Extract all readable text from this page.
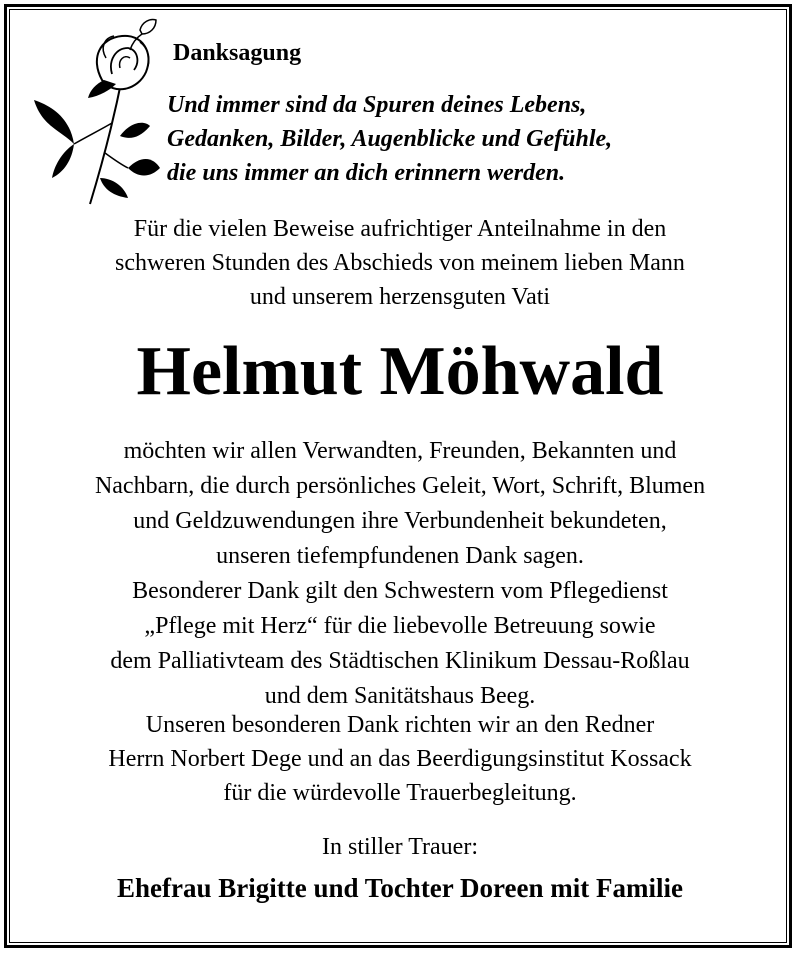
Danksagung
Und immer sind da Spuren deines Lebens,
Gedanken, Bilder, Augenblicke und Gefühle,
die uns immer an dich erinnern werden.
Für die vielen Beweise aufrichtiger Anteilnahme in den
schweren Stunden des Abschieds von meinem lieben Mann
und unserem herzensguten Vati
Helmut Möhwald
möchten wir allen Verwandten, Freunden, Bekannten und
Nachbarn, die durch persönliches Geleit, Wort, Schrift, Blumen
und Geldzuwendungen ihre Verbundenheit bekundeten,
unseren tiefempfundenen Dank sagen.
Besonderer Dank gilt den Schwestern vom Pflegedienst
„Pflege mit Herz“ für die liebevolle Betreuung sowie
dem Palliativteam des Städtischen Klinikum Dessau-Roßlau
und dem Sanitätshaus Beeg.
Unseren besonderen Dank richten wir an den Redner
Herrn Norbert Dege und an das Beerdigungsinstitut Kossack
für die würdevolle Trauerbegleitung.
In stiller Trauer:
Ehefrau Brigitte und Tochter Doreen mit Familie
